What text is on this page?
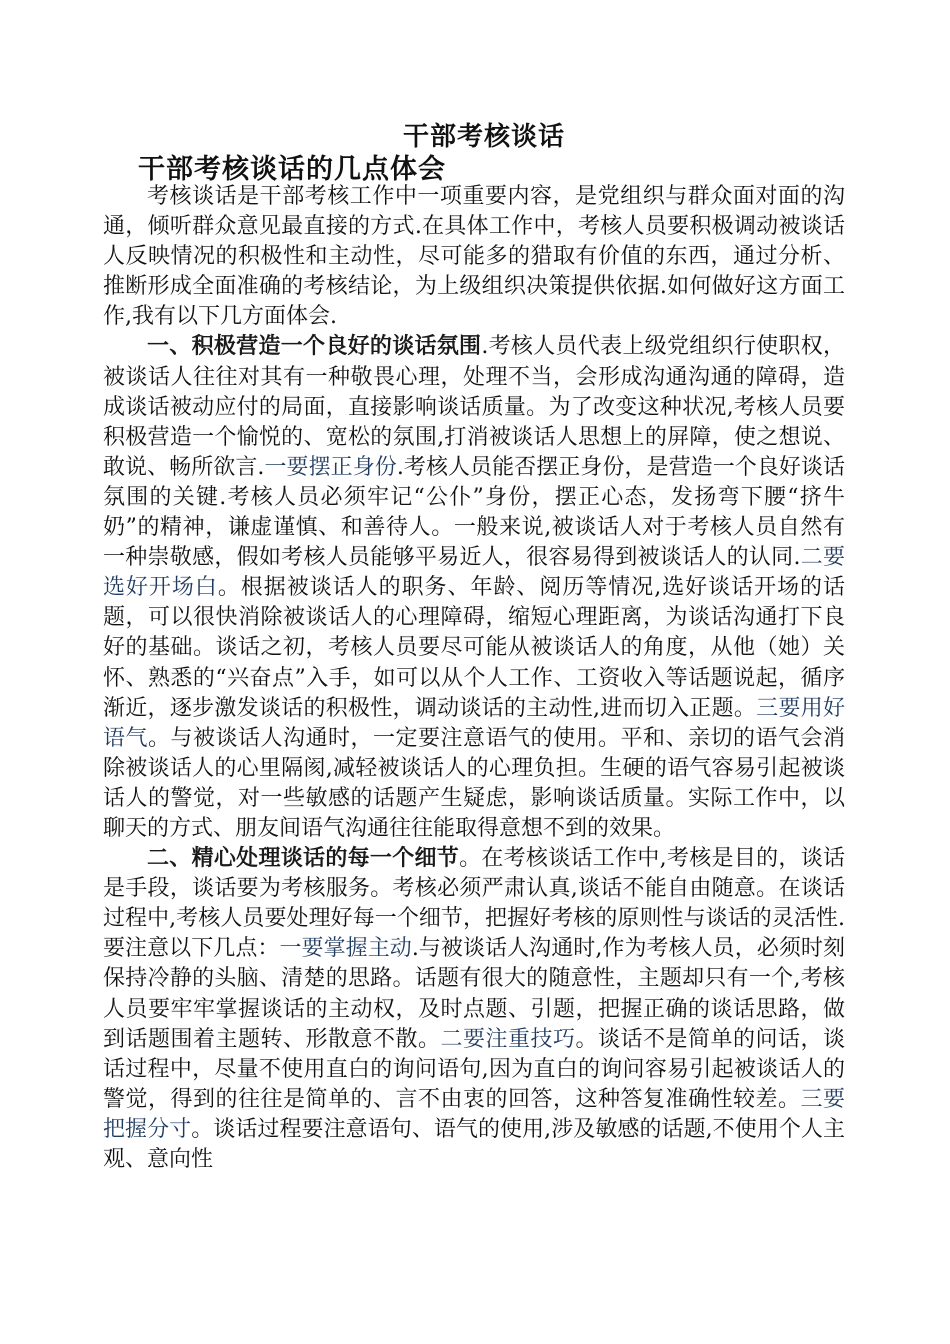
干部考核谈话
干部考核谈话的几点体会

考核谈话是干部考核工作中一项重要内容，是党组织与群众面对面的沟通，倾听群众意见最直接的方式.在具体工作中，考核人员要积极调动被谈话人反映情况的积极性和主动性，尽可能多的猎取有价值的东西，通过分析、推断形成全面准确的考核结论，为上级组织决策提供依据.如何做好这方面工作,我有以下几方面体会.

一、积极营造一个良好的谈话氛围.考核人员代表上级党组织行使职权，被谈话人往往对其有一种敬畏心理，处理不当，会形成沟通沟通的障碍，造成谈话被动应付的局面，直接影响谈话质量。为了改变这种状况,考核人员要积极营造一个愉悦的、宽松的氛围,打消被谈话人思想上的屏障，使之想说、敢说、畅所欲言.一要摆正身份.考核人员能否摆正身份，是营造一个良好谈话氛围的关键.考核人员必须牢记“公仆”身份，摆正心态，发扬弯下腰“挤牛奶”的精神，谦虚谨慎、和善待人。一般来说,被谈话人对于考核人员自然有一种崇敬感，假如考核人员能够平易近人，很容易得到被谈话人的认同.二要选好开场白。根据被谈话人的职务、年龄、阅历等情况,选好谈话开场的话题，可以很快消除被谈话人的心理障碍，缩短心理距离，为谈话沟通打下良好的基础。谈话之初，考核人员要尽可能从被谈话人的角度，从他（她）关怀、熟悉的“兴奋点”入手，如可以从个人工作、工资收入等话题说起，循序渐近，逐步激发谈话的积极性，调动谈话的主动性,进而切入正题。三要用好语气。与被谈话人沟通时，一定要注意语气的使用。平和、亲切的语气会消除被谈话人的心里隔阂,减轻被谈话人的心理负担。生硬的语气容易引起被谈话人的警觉，对一些敏感的话题产生疑虑，影响谈话质量。实际工作中，以聊天的方式、朋友间语气沟通往往能取得意想不到的效果。

二、精心处理谈话的每一个细节。在考核谈话工作中,考核是目的，谈话是手段，谈话要为考核服务。考核必须严肃认真,谈话不能自由随意。在谈话过程中,考核人员要处理好每一个细节，把握好考核的原则性与谈话的灵活性.要注意以下几点：一要掌握主动.与被谈话人沟通时,作为考核人员，必须时刻保持冷静的头脑、清楚的思路。话题有很大的随意性，主题却只有一个,考核人员要牢牢掌握谈话的主动权，及时点题、引题，把握正确的谈话思路，做到话题围着主题转、形散意不散。二要注重技巧。谈话不是简单的问话，谈话过程中，尽量不使用直白的询问语句,因为直白的询问容易引起被谈话人的警觉，得到的往往是简单的、言不由衷的回答，这种答复准确性较差。三要把握分寸。谈话过程要注意语句、语气的使用,涉及敏感的话题,不使用个人主观、意向性
